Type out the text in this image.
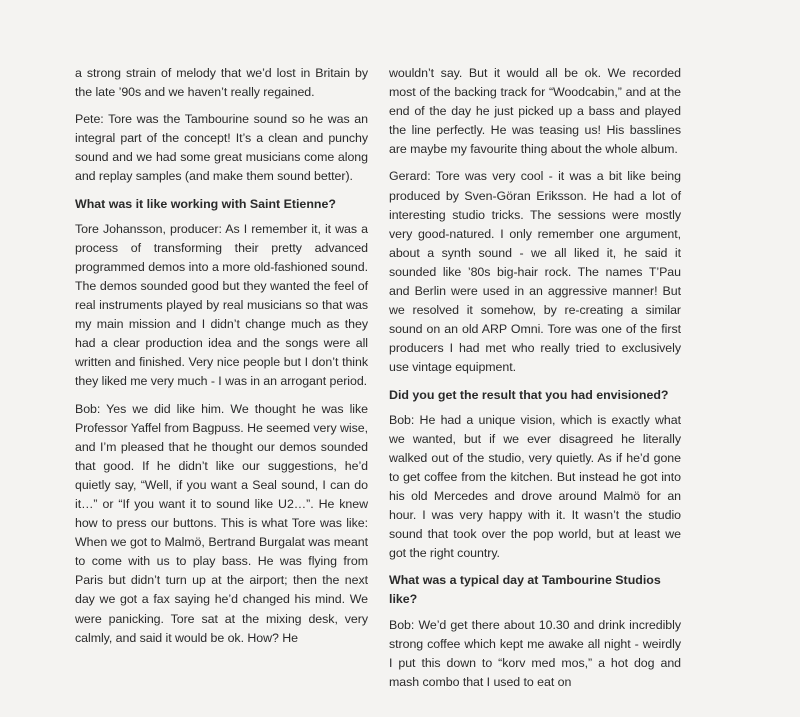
a strong strain of melody that we’d lost in Britain by the late ’90s and we haven’t really regained.

Pete: Tore was the Tambourine sound so he was an integral part of the concept! It’s a clean and punchy sound and we had some great musicians come along and replay samples (and make them sound better).

What was it like working with Saint Etienne?

Tore Johansson, producer: As I remember it, it was a process of transforming their pretty advanced programmed demos into a more old-fashioned sound. The demos sounded good but they wanted the feel of real instruments played by real musicians so that was my main mission and I didn’t change much as they had a clear production idea and the songs were all written and finished. Very nice people but I don’t think they liked me very much - I was in an arrogant period.

Bob: Yes we did like him. We thought he was like Professor Yaffel from Bagpuss. He seemed very wise, and I’m pleased that he thought our demos sounded that good. If he didn’t like our suggestions, he’d quietly say, “Well, if you want a Seal sound, I can do it…” or “If you want it to sound like U2…”. He knew how to press our buttons. This is what Tore was like: When we got to Malmö, Bertrand Burgalat was meant to come with us to play bass. He was flying from Paris but didn’t turn up at the airport; then the next day we got a fax saying he’d changed his mind. We were panicking. Tore sat at the mixing desk, very calmly, and said it would be ok. How? He

wouldn’t say. But it would all be ok. We recorded most of the backing track for “Woodcabin,” and at the end of the day he just picked up a bass and played the line perfectly. He was teasing us! His basslines are maybe my favourite thing about the whole album.

Gerard: Tore was very cool - it was a bit like being produced by Sven-Göran Eriksson. He had a lot of interesting studio tricks. The sessions were mostly very good-natured. I only remember one argument, about a synth sound - we all liked it, he said it sounded like ’80s big-hair rock. The names T’Pau and Berlin were used in an aggressive manner! But we resolved it somehow, by re-creating a similar sound on an old ARP Omni. Tore was one of the first producers I had met who really tried to exclusively use vintage equipment.

Did you get the result that you had envisioned?

Bob: He had a unique vision, which is exactly what we wanted, but if we ever disagreed he literally walked out of the studio, very quietly. As if he’d gone to get coffee from the kitchen. But instead he got into his old Mercedes and drove around Malmö for an hour. I was very happy with it. It wasn’t the studio sound that took over the pop world, but at least we got the right country.

What was a typical day at Tambourine Studios like?

Bob: We’d get there about 10.30 and drink incredibly strong coffee which kept me awake all night - weirdly I put this down to “korv med mos,” a hot dog and mash combo that I used to eat on
